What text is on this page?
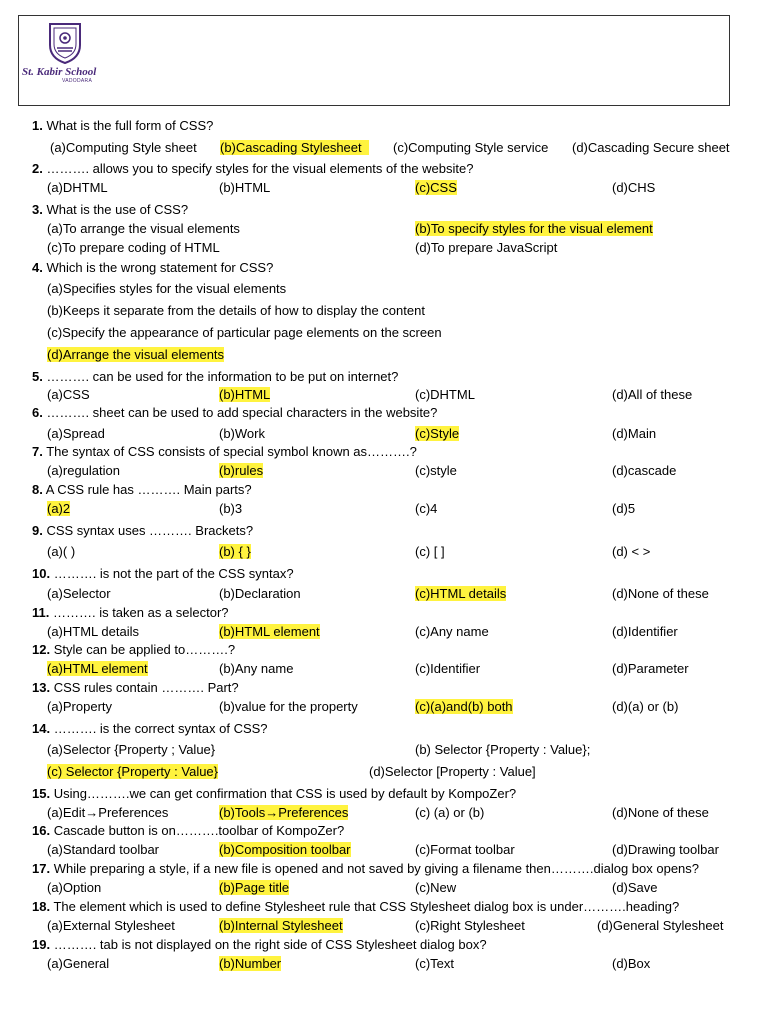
St. Kabir School
VADODARA
1. What is the full form of CSS?
(a)Computing Style sheet (b)Cascading Stylesheet	(c)Computing Style service (d)Cascading Secure sheet
2. ………. allows you to specify styles for the visual elements of the website?
(a)DHTML	(b)HTML	(c)CSS	(d)CHS
3. What is the use of CSS?
(a)To arrange the visual elements	(b)To specify styles for the visual element
(c)To prepare coding of HTML	(d)To prepare JavaScript
4. Which is the wrong statement for CSS?
(a)Specifies styles for the visual elements
(b)Keeps it separate from the details of how to display the content
(c)Specify the appearance of particular page elements on the screen
(d)Arrange the visual elements
5. ………. can be used for the information to be put on internet?
(a)CSS	(b)HTML	(c)DHTML	(d)All of these
6. ………. sheet can be used to add special characters in the website?
(a)Spread	(b)Work	(c)Style	(d)Main
7. The syntax of CSS consists of special symbol known as……….?
(a)regulation	(b)rules	(c)style	(d)cascade
8. A CSS rule has ………. Main parts?
(a)2	(b)3	(c)4	(d)5
9. CSS syntax uses ………. Brackets?
(a)( )	(b) { }	(c) [ ]	(d) < >
10. ………. is not the part of the CSS syntax?
(a)Selector	(b)Declaration	(c)HTML details	(d)None of these
11. ………. is taken as a selector?
(a)HTML details	(b)HTML element	(c)Any name	(d)Identifier
12. Style can be applied to……….?
(a)HTML element	(b)Any name	(c)Identifier	(d)Parameter
13. CSS rules contain ………. Part?
(a)Property	(b)value for the property	(c)(a)and(b) both	(d)(a) or (b)
14. ………. is the correct syntax of CSS?
(a)Selector {Property ; Value}	(b) Selector {Property : Value};
(c) Selector {Property : Value}	(d)Selector [Property : Value]
15. Using……….we can get confirmation that CSS is used by default by KompoZer?
(a)Edit→Preferences	(b)Tools→Preferences	(c) (a) or (b)	(d)None of these
16. Cascade button is on……….toolbar of KompoZer?
(a)Standard toolbar	(b)Composition toolbar	(c)Format toolbar	(d)Drawing toolbar
17. While preparing a style, if a new file is opened and not saved by giving a filename then……….dialog box opens?
(a)Option	(b)Page title	(c)New	(d)Save
18. The element which is used to define Stylesheet rule that CSS Stylesheet dialog box is under……….heading?
(a)External Stylesheet	(b)Internal Stylesheet	(c)Right Stylesheet	(d)General Stylesheet
19. ………. tab is not displayed on the right side of CSS Stylesheet dialog box?
(a)General	(b)Number	(c)Text	(d)Box
